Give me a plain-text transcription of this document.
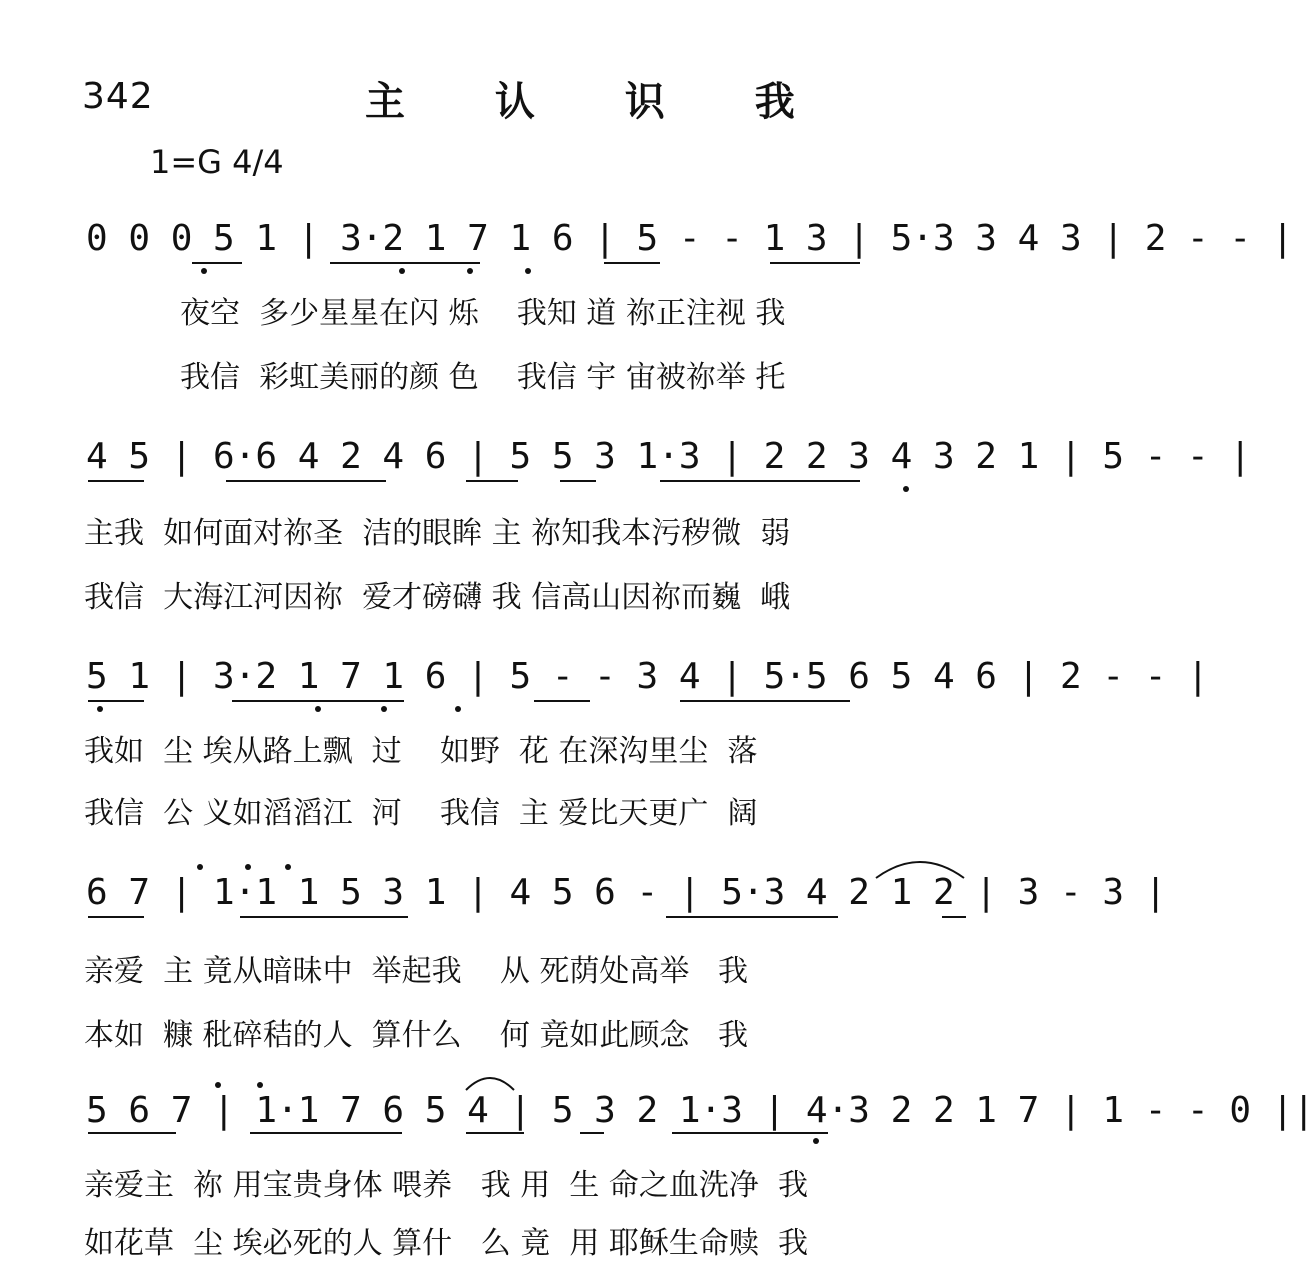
342	主 认 识 我
1=G 4/4
0 0 0 5 1 | 3·2 1 7 1 6 | 5 - - 1 3 | 5·3 3 4 3 | 2 - - |
夜空  多少星星在闪 烁    我知 道 祢正注视 我
我信  彩虹美丽的颜 色    我信 宇 宙被祢举 托
4 5 | 6·6 4 2 4 6 | 5 5 3 1·3 | 2 2 3 4 3 2 1 | 5 - - |
主我  如何面对祢圣  洁的眼眸 主 祢知我本污秽微  弱
我信  大海江河因祢  爱才磅礴 我 信高山因祢而巍  峨
5 1 | 3·2 1 7 1 6 | 5 - - 3 4 | 5·5 6 5 4 6 | 2 - - |
我如  尘 埃从路上飘  过    如野  花 在深沟里尘  落
我信  公 义如滔滔江  河    我信  主 爱比天更广  阔
6 7 | 1·1 1 5 3 1 | 4 5 6 - | 5·3 4 2 1 2 | 3 - 3 |
亲爱  主 竟从暗昧中  举起我    从 死荫处高举   我
本如  糠 秕碎秸的人  算什么    何 竟如此顾念   我
5 6 7 | 1·1 7 6 5 4 | 5 3 2 1·3 | 4·3 2 2 1 7 | 1 - - 0 ||
亲爱主  祢 用宝贵身体 喂养   我 用  生 命之血洗净  我
如花草  尘 埃必死的人 算什   么 竟  用 耶稣生命赎  我
